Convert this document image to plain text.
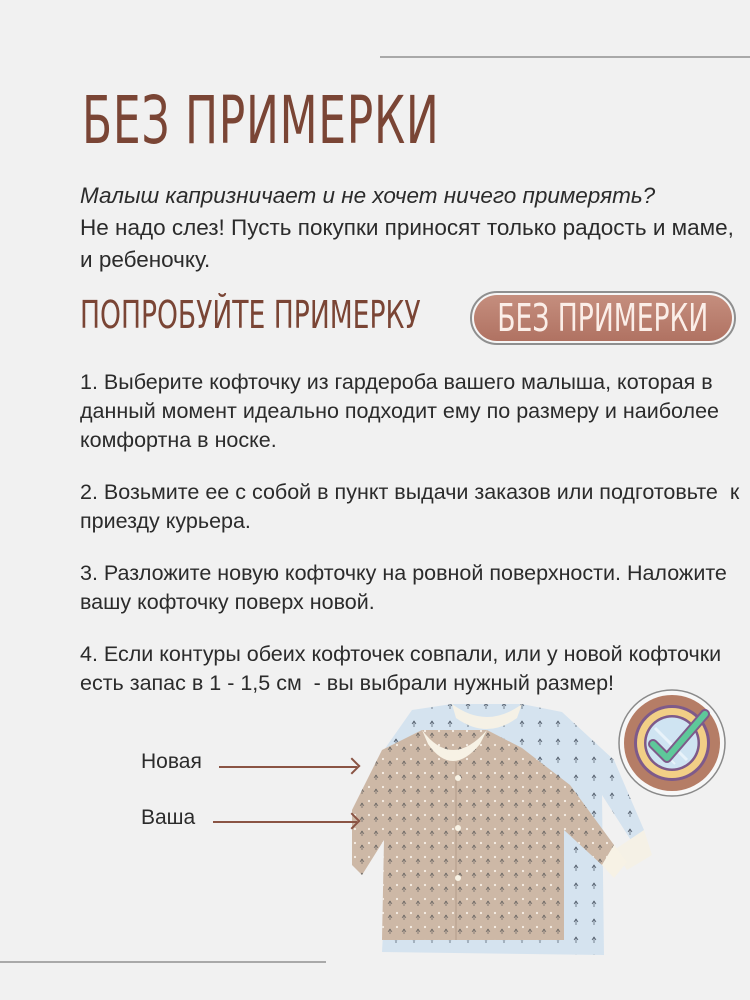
БЕЗ ПРИМЕРКИ
Малыш капризничает и не хочет ничего примерять?
Не надо слез! Пусть покупки приносят только радость и маме, и ребеночку.
ПОПРОБУЙТЕ ПРИМЕРКУ БЕЗ ПРИМЕРКИ

1. Выберите кофточку из гардероба вашего малыша, которая в данный момент идеально подходит ему по размеру и наиболее комфортна в носке.

2. Возьмите ее с собой в пункт выдачи заказов или подготовьте  к приезду курьера.

3. Разложите новую кофточку на ровной поверхности. Наложите вашу кофточку поверх новой.

4. Если контуры обеих кофточек совпали, или у новой кофточки есть запас в 1 - 1,5 см  - вы выбрали нужный размер!

Новая
Ваша
